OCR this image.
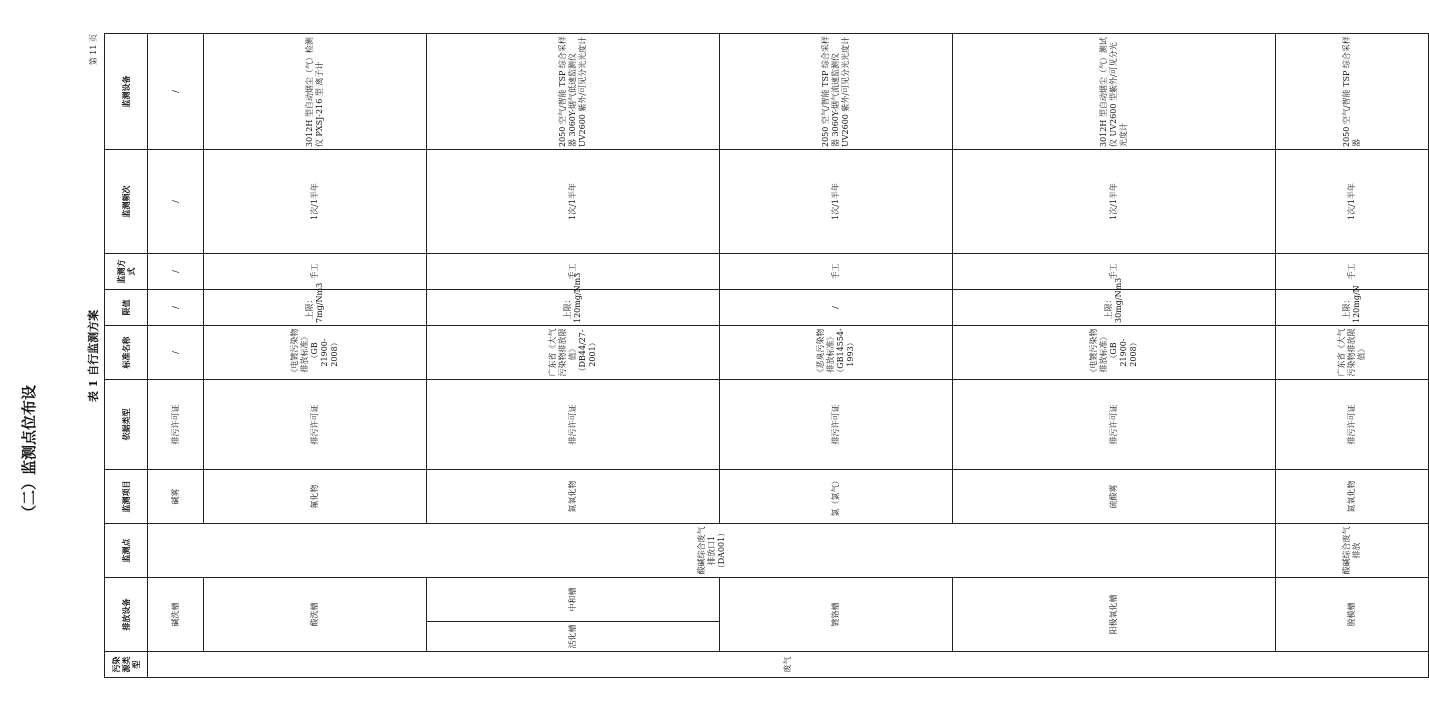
（二）监测点位布设
表 1 自行监测方案
第 11 页
污染源类型	排放设备		监测点	监测项目	依据类型	标准名称	限值	监测方式	监测频次	监测设备	
废气	碱洗槽		酸碱综合废气排放口1（DA001）	碱雾	排污许可证	/	/	/	/	/	
	酸洗槽			氟化物	排污许可证	《电镀污染物排放标准》（GB 21900-2008）	上限：7mg/Nm3	手工	1次/1半年	3012H 型自动烟尘（气）检测仪 PXSJ-216 型 离子计	
	活化槽	中和槽		氮氧化物	排污许可证	广东省《大气污染物排放限值》（DB44/27-2001）	上限：120mg/Nm3	手工	1次/1半年	2050 空气/智能 TSP 综合采样器 3060Y-烟气低速监测仪 UV2600 紫外/可见分光光度计	
	镀铬槽			氯（氯气）	排污许可证	《恶臭污染物排放标准》（GB14554-1993）	/	手工	1次/1半年	2050 空气/智能 TSP 综合采样器 3060Y-烟气流速监测仪 UV2600 紫外/可见分光光度计	
	阳极氧化槽			硫酸雾	排污许可证	《电镀污染物排放标准》（GB 21900-2008）	上限：30mg/Nm3	手工	1次/1半年	3012H 型自动烟尘（气）测试仪 UV2600 型紫外/可见分光光度计	
	脱模槽		酸碱综合废气排放	氮氧化物	排污许可证	广东省《大气污染物排放限值》	上限：120mg/N	手工	1次/1半年	2050 空气/智能 TSP 综合采样器	
